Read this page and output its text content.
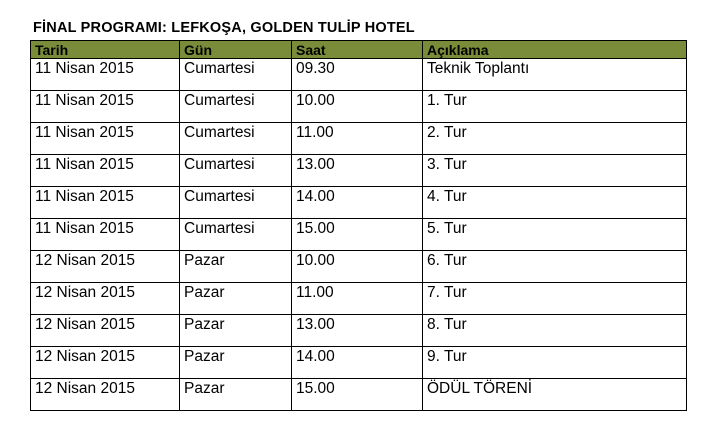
FİNAL PROGRAMI: LEFKOŞA, GOLDEN TULİP HOTEL
Tarih	Gün	Saat	Açıklama
11 Nisan 2015	Cumartesi	09.30	Teknik Toplantı
11 Nisan 2015	Cumartesi	10.00	1. Tur
11 Nisan 2015	Cumartesi	11.00	2. Tur
11 Nisan 2015	Cumartesi	13.00	3. Tur
11 Nisan 2015	Cumartesi	14.00	4. Tur
11 Nisan 2015	Cumartesi	15.00	5. Tur
12 Nisan 2015	Pazar	10.00	6. Tur
12 Nisan 2015	Pazar	11.00	7. Tur
12 Nisan 2015	Pazar	13.00	8. Tur
12 Nisan 2015	Pazar	14.00	9. Tur
12 Nisan 2015	Pazar	15.00	ÖDÜL TÖRENİ
